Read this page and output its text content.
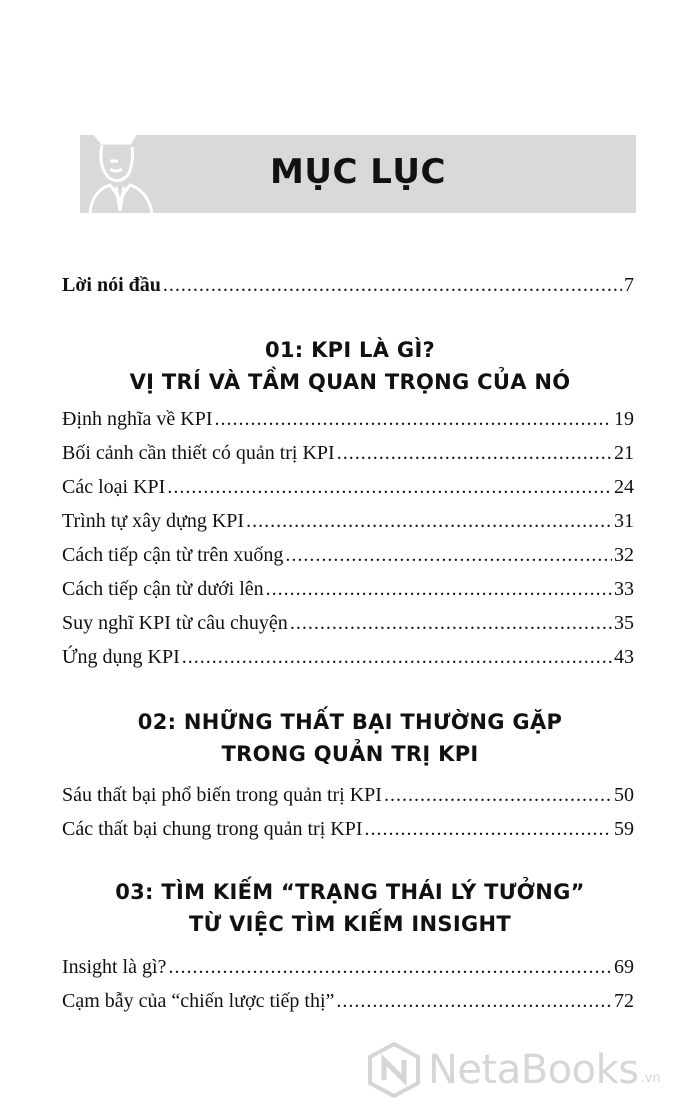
MỤC LỤC
Lời nói đầu .....	7
01: KPI LÀ GÌ?
VỊ TRÍ VÀ TẦM QUAN TRỌNG CỦA NÓ
Định nghĩa về KPI .....	19
Bối cảnh cần thiết có quản trị KPI .....	21
Các loại KPI .....	24
Trình tự xây dựng KPI .....	31
Cách tiếp cận từ trên xuống .....	32
Cách tiếp cận từ dưới lên .....	33
Suy nghĩ KPI từ câu chuyện .....	35
Ứng dụng KPI .....	43
02: NHỮNG THẤT BẠI THƯỜNG GẶP
TRONG QUẢN TRỊ KPI
Sáu thất bại phổ biến trong quản trị KPI .....	50
Các thất bại chung trong quản trị KPI .....	59
03: TÌM KIẾM “TRẠNG THÁI LÝ TƯỞNG”
TỪ VIỆC TÌM KIẾM INSIGHT
Insight là gì? .....	69
Cạm bẫy của “chiến lược tiếp thị” .....	72
NetaBooks .vn
